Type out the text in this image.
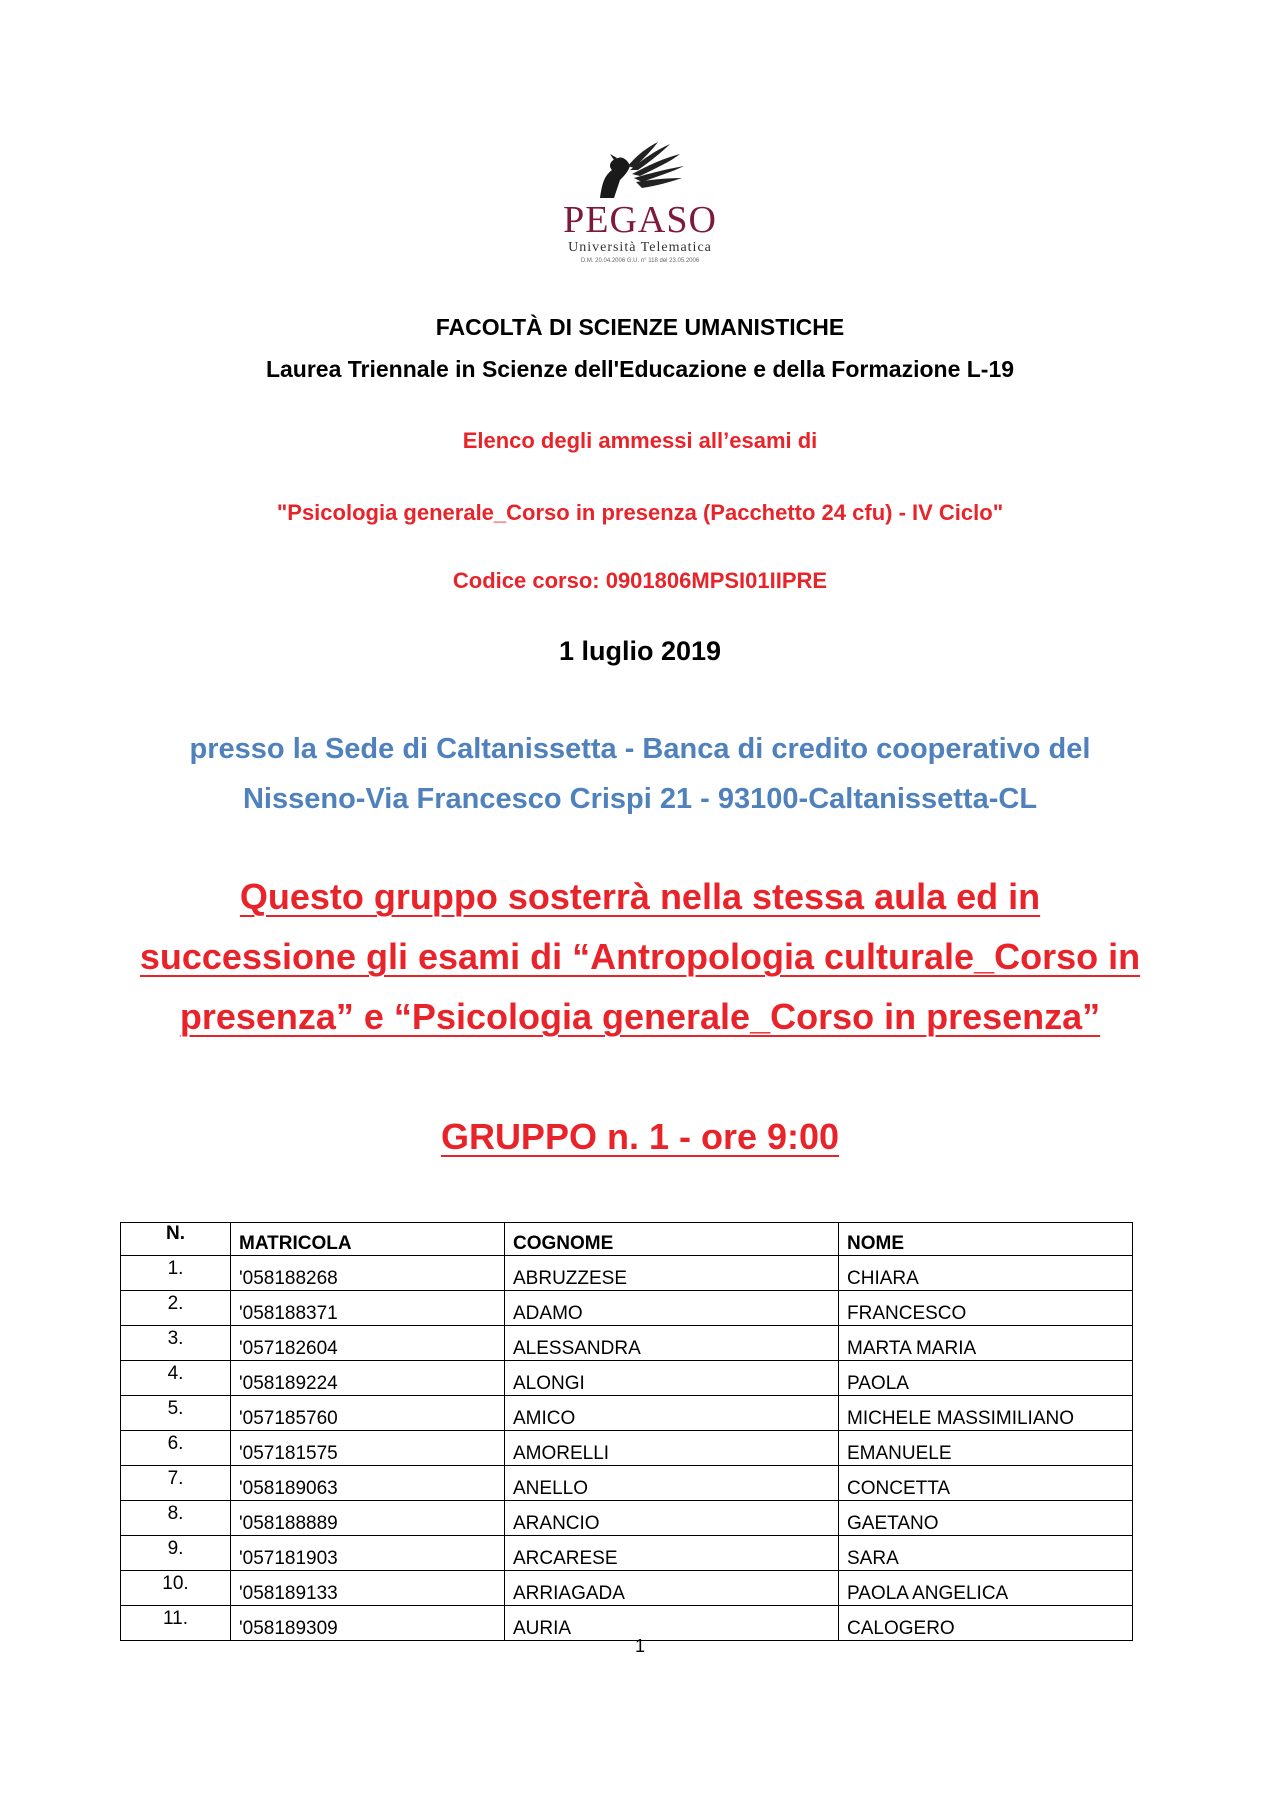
PEGASO
Università Telematica
D.M. 20.04.2006 G.U. n° 118 del 23.05.2006
FACOLTÀ DI SCIENZE UMANISTICHE
Laurea Triennale in Scienze dell'Educazione e della Formazione L-19
Elenco degli ammessi all’esami di
"Psicologia generale_Corso in presenza (Pacchetto 24 cfu) - IV Ciclo"
Codice corso: 0901806MPSI01IIPRE
1 luglio 2019
presso la Sede di Caltanissetta - Banca di credito cooperativo del
Nisseno-Via Francesco Crispi 21 - 93100-Caltanissetta-CL
Questo gruppo sosterrà nella stessa aula ed in
successione gli esami di “Antropologia culturale_Corso in
presenza” e “Psicologia generale_Corso in presenza”
GRUPPO n. 1 - ore 9:00
N.	MATRICOLA	COGNOME	NOME
1.	'058188268	ABRUZZESE	CHIARA
2.	'058188371	ADAMO	FRANCESCO
3.	'057182604	ALESSANDRA	MARTA MARIA
4.	'058189224	ALONGI	PAOLA
5.	'057185760	AMICO	MICHELE MASSIMILIANO
6.	'057181575	AMORELLI	EMANUELE
7.	'058189063	ANELLO	CONCETTA
8.	'058188889	ARANCIO	GAETANO
9.	'057181903	ARCARESE	SARA
10.	'058189133	ARRIAGADA	PAOLA ANGELICA
11.	'058189309	AURIA	CALOGERO
1
